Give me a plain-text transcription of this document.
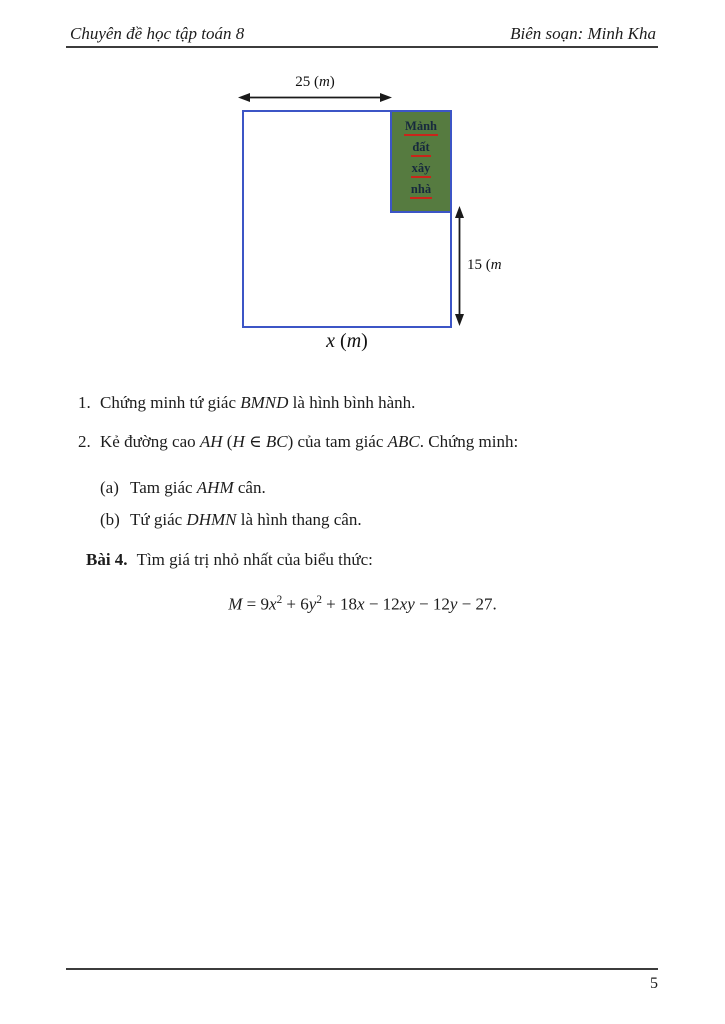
Chuyên đề học tập toán 8	Biên soạn: Minh Kha
Mảnh
đất
xây
nhà
25 (m)
15 (m
x (m)
1. Chứng minh tứ giác BMND là hình bình hành.
2. Kẻ đường cao AH (H ∈ BC) của tam giác ABC. Chứng minh:
(a) Tam giác AHM cân.
(b) Tứ giác DHMN là hình thang cân.
Bài 4. Tìm giá trị nhỏ nhất của biểu thức:
$M = 9x^2 + 6y^2 + 18x - 12xy - 12y - 27$.
5
